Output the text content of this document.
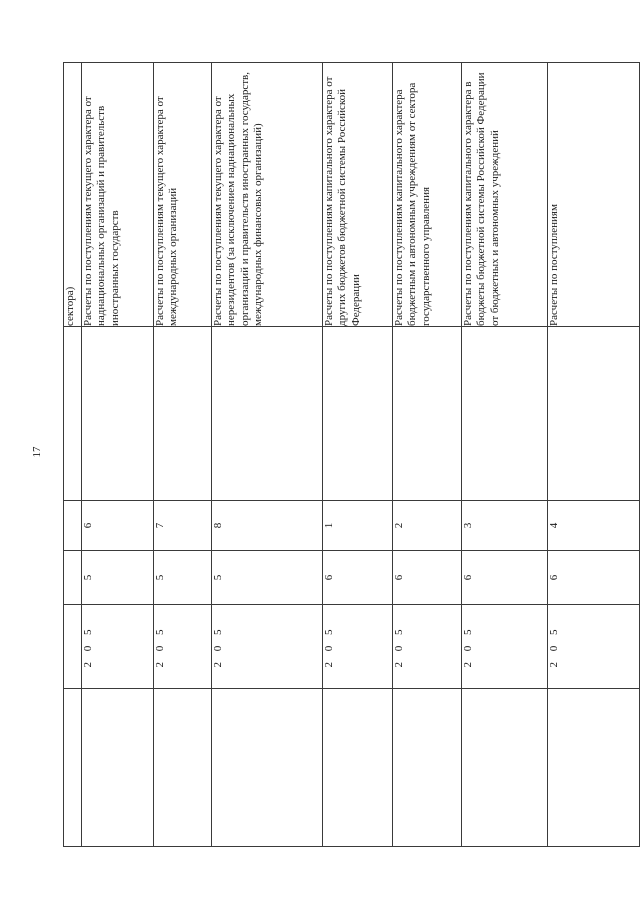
17

					сектора)

	2 0 5	5	6		Расчеты по поступлениям текущего характера от наднациональных организаций и правительств иностранных государств

	2 0 5	5	7		Расчеты по поступлениям текущего характера от международных организаций

	2 0 5	5	8		Расчеты по поступлениям текущего характера от нерезидентов (за исключением наднациональных организаций и правительств иностранных государств, международных финансовых организаций)

	2 0 5	6	1		Расчеты по поступлениям капитального характера от других бюджетов бюджетной системы Российской Федерации

	2 0 5	6	2		Расчеты по поступлениям капитального характера бюджетным и автономным учреждениям от сектора государственного управления

	2 0 5	6	3		Расчеты по поступлениям капитального характера в бюджеты бюджетной системы Российской Федерации от бюджетных и автономных учреждений

	2 0 5	6	4		Расчеты по поступлениям
